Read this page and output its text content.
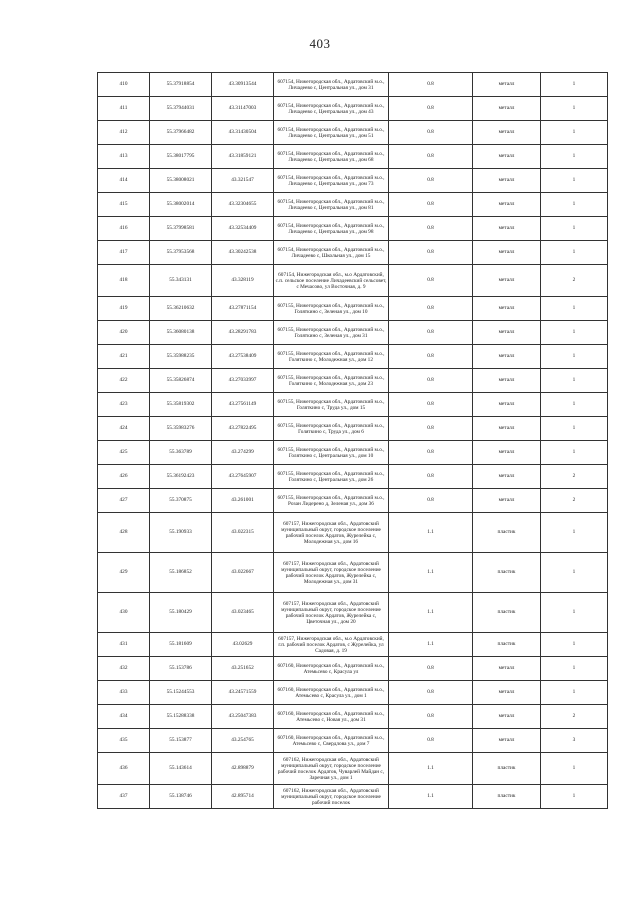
403
410	55.37918854	43.30913544	607154, Нижегородская обл., Ардатовский м.о., Личадеево с, Центральная ул., дом 31	0.8	металл	1
411	55.37944031	43.31147003	607154, Нижегородская обл., Ардатовский м.о., Личадеево с, Центральная ул., дом 43	0.8	металл	1
412	55.37966482	43.31430504	607154, Нижегородская обл., Ардатовский м.о., Личадеево с, Центральная ул., дом 51	0.8	металл	1
413	55.38017795	43.31859121	607154, Нижегородская обл., Ардатовский м.о., Личадеево с, Центральная ул., дом 68	0.8	металл	1
414	55.38008021	43.321547	607154, Нижегородская обл., Ардатовский м.о., Личадеево с, Центральная ул., дом 73	0.8	металл	1
415	55.38002014	43.32304655	607154, Нижегородская обл., Ардатовский м.о., Личадеево с, Центральная ул., дом 81	0.8	металл	1
416	55.37998581	43.32534409	607154, Нижегородская обл., Ардатовский м.о., Личадеево с, Центральная ул., дом 98	0.8	металл	1
417	55.37953568	43.30242538	607154, Нижегородская обл., Ардатовский м.о., Личадеево с, Школьная ул., дом 15	0.8	металл	1
418	55.343131	43.328119	607154, Нижегородская обл., м.о Ардатовский, с.п. сельское поселение Личадеевский сельсовет, с Мечасово, ул Восточная, д. 9	0.8	металл	2
419	55.36210632	43.27871154	607155, Нижегородская обл., Ардатовский м.о., Голяткино с, Зеленая ул., дом 10	0.8	металл	1
420	55.36080138	43.28291783	607155, Нижегородская обл., Ардатовский м.о., Голяткино с, Зеленая ул., дом 31	0.8	металл	1
421	55.35988235	43.27538409	607155, Нижегородская обл., Ардатовский м.о., Голяткино с, Молодежная ул., дом 12	0.8	металл	1
422	55.35826874	43.27033997	607155, Нижегородская обл., Ардатовский м.о., Голяткино с, Молодежная ул., дом 23	0.8	металл	1
423	55.35819302	43.27561149	607155, Нижегородская обл., Ардатовский м.о., Голяткино с, Труда ул., дом 15	0.8	металл	1
424	55.35983276	43.27822495	607155, Нижегородская обл., Ардатовский м.о., Голяткино с, Труда ул., дом 6	0.8	металл	1
425	55.363789	43.274299	607155, Нижегородская обл., Ардатовский м.о., Голяткино с, Центральная ул., дом 10	0.8	металл	1
426	55.36192423	43.27645907	607155, Нижегородская обл., Ардатовский м.о., Голяткино с, Центральная ул., дом 26	0.8	металл	2
427	55.370875	43.261001	607155, Нижегородская обл., Ардатовский м.о., Розан Лидерено д, Зеленая ул., дом 36	0.8	металл	2
428	55.190933	43.022315	607157, Нижегородская обл., Ардатовский муниципальный округ, городское поселение рабочий поселок Ардатов, Журелейка с, Молодежная ул., дом 16	1.1	пластик	1
429	55.186852	43.022667	607157, Нижегородская обл., Ардатовский муниципальный округ, городское поселение рабочий поселок Ардатов, Журелейка с, Молодежная ул., дом 31	1.1	пластик	1
430	55.180429	43.023465	607157, Нижегородская обл., Ардатовский муниципальный округ, городское поселение рабочий поселок Ардатов, Журелейка с, Цветочная ул., дом 20	1.1	пластик	1
431	55.181609	43.02629	607157, Нижегородская обл., м.о Ардатовский, г.п. рабочий поселок Ардатов, с Журелейка, ул Садовая, д. 19	1.1	пластик	1
432	55.153786	43.251652	607160, Нижегородская обл., Ардатовский м.о., Атемьсево с, Красула ул	0.8	металл	1
433	55.15244553	43.24571559	607160, Нижегородская обл., Ардатовский м.о., Атемьсево с, Красула ул., дом 1	0.8	металл	1
434	55.15288338	43.25047383	607160, Нижегородская обл., Ардатовский м.о., Атемьсево с, Новая ул., дом 31	0.8	металл	2
435	55.153877	43.254765	607160, Нижегородская обл., Ардатовский м.о., Атемьсево с, Свердлова ул., дом 7	0.8	металл	3
436	55.143614	42.898879	607162, Нижегородская обл., Ардатовский муниципальный округ, городское поселение рабочий поселок Ардатов, Чуварлей Майдан с, Заречная ул., дом 1	1.1	пластик	1
437	55.138746	42.895714	607162, Нижегородская обл., Ардатовский муниципальный округ, городское поселение рабочий поселок	1.1	пластик	1
